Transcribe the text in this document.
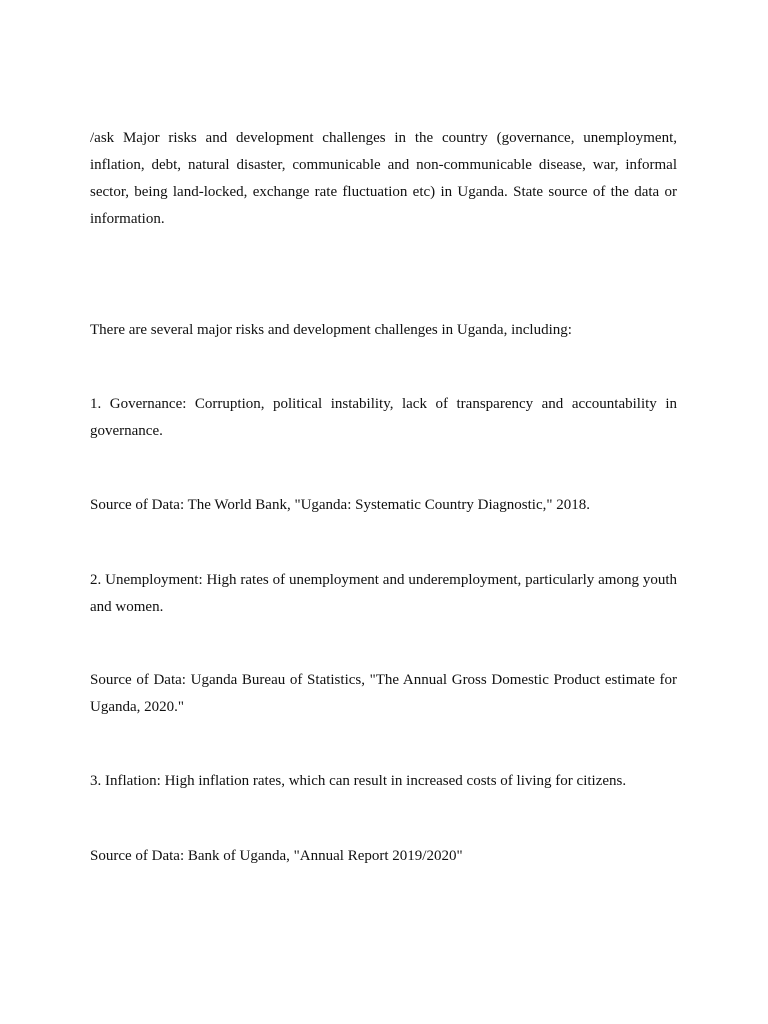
/ask Major risks and development challenges in the country (governance, unemployment, inflation, debt, natural disaster, communicable and non-communicable disease, war, informal sector, being land-locked, exchange rate fluctuation etc) in Uganda. State source of the data or information.

There are several major risks and development challenges in Uganda, including:

1. Governance: Corruption, political instability, lack of transparency and accountability in governance.

Source of Data: The World Bank, "Uganda: Systematic Country Diagnostic," 2018.

2. Unemployment: High rates of unemployment and underemployment, particularly among youth and women.

Source of Data: Uganda Bureau of Statistics, "The Annual Gross Domestic Product estimate for Uganda, 2020."

3. Inflation: High inflation rates, which can result in increased costs of living for citizens.

Source of Data: Bank of Uganda, "Annual Report 2019/2020"
